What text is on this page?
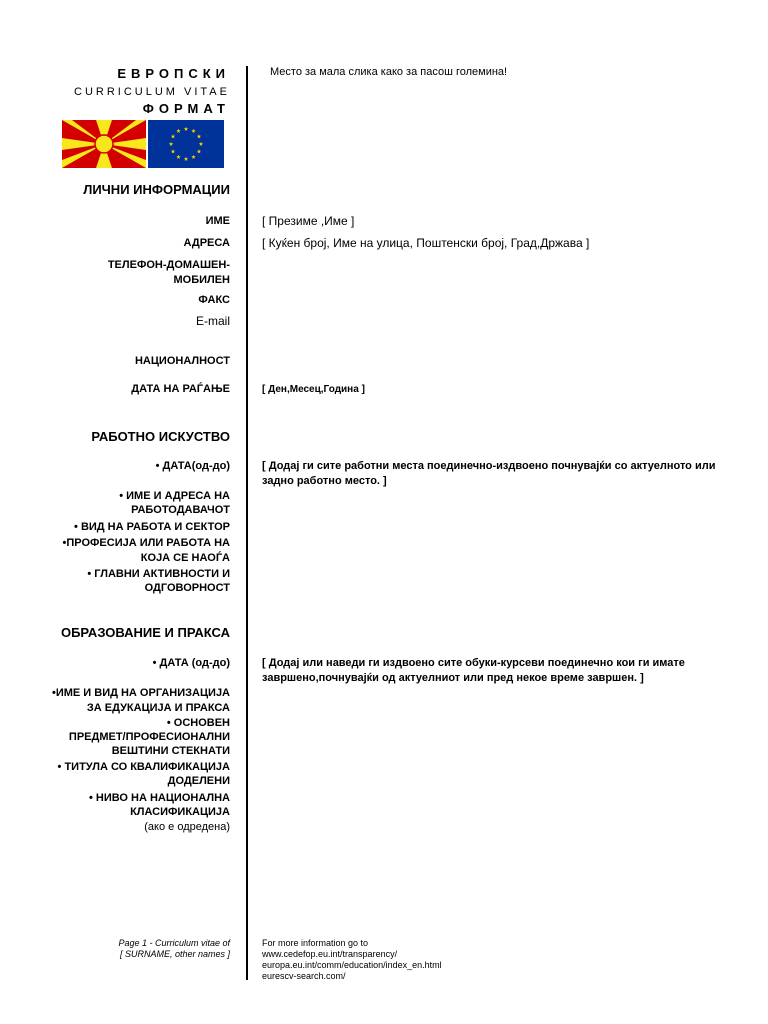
ЕВРОПСКИ
CURRICULUM VITAE
ФОРМАТ
Место за мала слика како за пасош големина!
ЛИЧНИ ИНФОРМАЦИИ
ИМЕ	[ Презиме ,Име ]
АДРЕСА	[ Куќен број, Име на улица, Поштенски број, Град,Држава ]
ТЕЛЕФОН-ДОМАШЕН-
МОБИЛЕН
ФАКС
E-mail
НАЦИОНАЛНОСТ
ДАТА НА РАЃАЊЕ	[ Ден,Месец,Година ]
РАБОТНО ИСКУСТВО
• ДАТА(од-до)	[ Додај ги сите работни места поединечно-издвоено почнувајќи со актуелното или
задно работно место. ]
• ИМЕ И АДРЕСА НА
РАБОТОДАВАЧОТ
• ВИД НА РАБОТА И СЕКТОР
•ПРОФЕСИЈА ИЛИ РАБОТА НА
КОЈА СЕ НАОЃА
• ГЛАВНИ АКТИВНОСТИ И
ОДГОВОРНОСТ
ОБРАЗОВАНИЕ И ПРАКСА
• ДАТА (од-до)	[ Додај или наведи ги издвоено сите обуки-курсеви поединечно кои ги имате
завршено,почнувајќи од актуелниот или пред некое време завршен. ]
•ИМЕ И ВИД НА ОРГАНИЗАЦИЈА
ЗА ЕДУКАЦИЈА И ПРАКСА
• ОСНОВЕН
ПРЕДМЕТ/ПРОФЕСИОНАЛНИ
ВЕШТИНИ СТЕКНАТИ
• ТИТУЛА СО КВАЛИФИКАЦИЈА
ДОДЕЛЕНИ
• НИВО НА НАЦИОНАЛНА
КЛАСИФИКАЦИЈА
(ако е одредена)
Page 1 - Curriculum vitae of
[ SURNAME, other names ]
For more information go to
www.cedefop.eu.int/transparency/
europa.eu.int/comm/education/index_en.html
eurescv-search.com/
